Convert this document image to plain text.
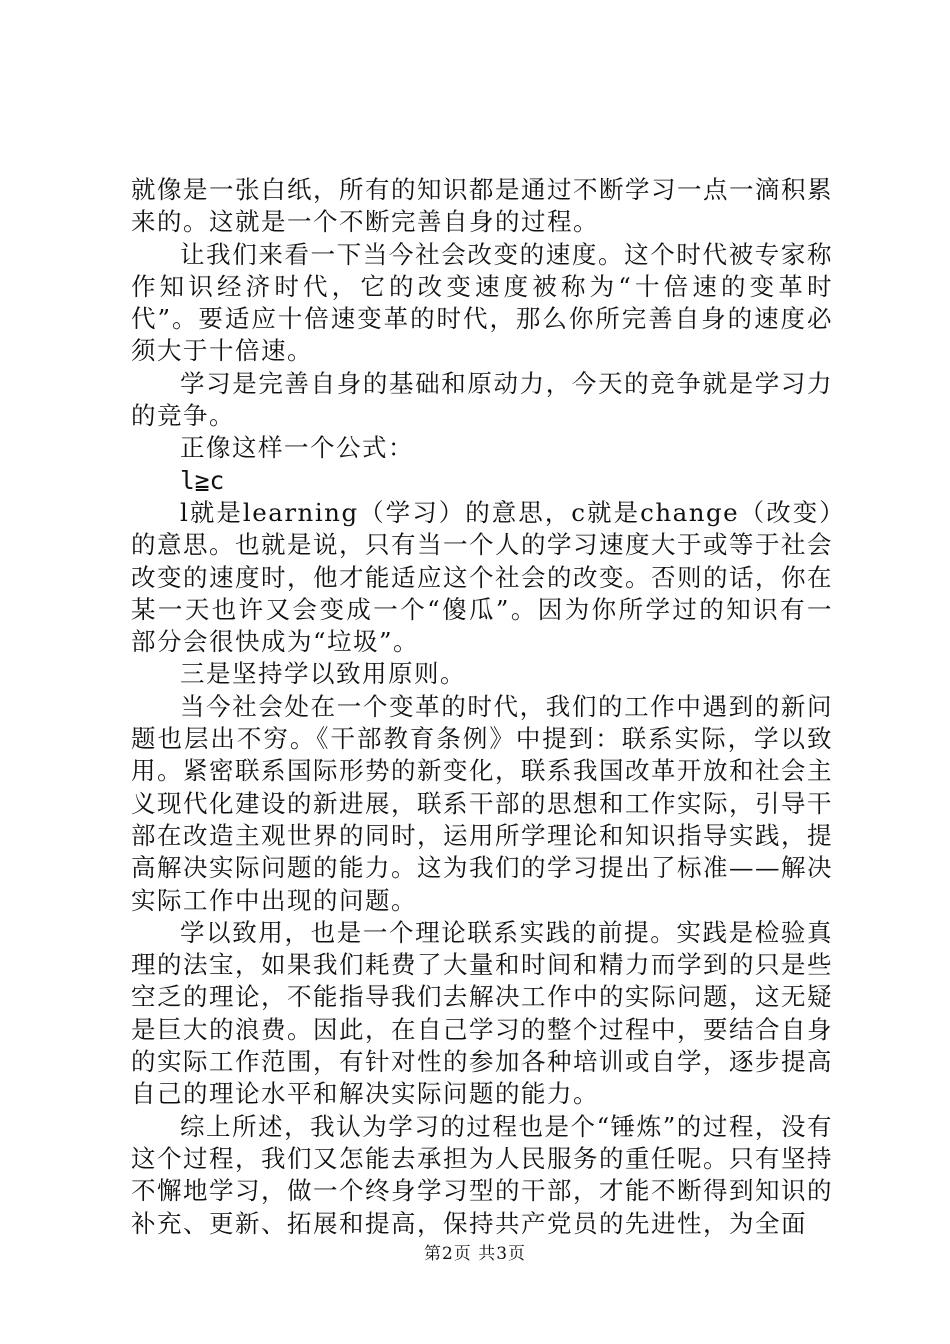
就像是一张白纸，所有的知识都是通过不断学习一点一滴积累来的。这就是一个不断完善自身的过程。

让我们来看一下当今社会改变的速度。这个时代被专家称作知识经济时代，它的改变速度被称为“十倍速的变革时代”。要适应十倍速变革的时代，那么你所完善自身的速度必须大于十倍速。

学习是完善自身的基础和原动力，今天的竞争就是学习力的竞争。

正像这样一个公式：

l≧c

l就是learning（学习）的意思，c就是change（改变）的意思。也就是说，只有当一个人的学习速度大于或等于社会改变的速度时，他才能适应这个社会的改变。否则的话，你在某一天也许又会变成一个“傻瓜”。因为你所学过的知识有一部分会很快成为“垃圾”。

三是坚持学以致用原则。

当今社会处在一个变革的时代，我们的工作中遇到的新问题也层出不穷。《干部教育条例》中提到：联系实际，学以致用。紧密联系国际形势的新变化，联系我国改革开放和社会主义现代化建设的新进展，联系干部的思想和工作实际，引导干部在改造主观世界的同时，运用所学理论和知识指导实践，提高解决实际问题的能力。这为我们的学习提出了标准——解决实际工作中出现的问题。

学以致用，也是一个理论联系实践的前提。实践是检验真理的法宝，如果我们耗费了大量和时间和精力而学到的只是些空乏的理论，不能指导我们去解决工作中的实际问题，这无疑是巨大的浪费。因此，在自己学习的整个过程中，要结合自身的实际工作范围，有针对性的参加各种培训或自学，逐步提高自己的理论水平和解决实际问题的能力。

综上所述，我认为学习的过程也是个“锤炼”的过程，没有这个过程，我们又怎能去承担为人民服务的重任呢。只有坚持不懈地学习，做一个终身学习型的干部，才能不断得到知识的补充、更新、拓展和提高，保持共产党员的先进性，为全面

第2页 共3页
